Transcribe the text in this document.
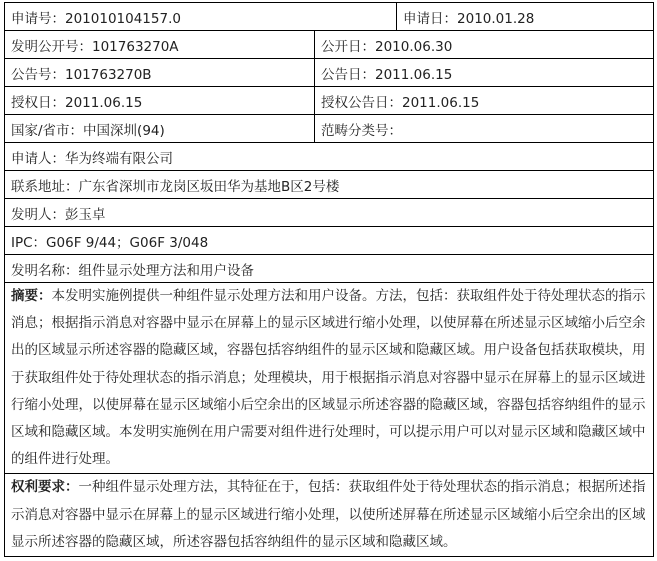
申请号：201010104157.0		申请日：2010.01.28
发明公开号：101763270A	公开日：2010.06.30	
公告号：101763270B	公告日：2011.06.15	
授权日：2011.06.15	授权公告日：2011.06.15	
国家/省市：中国深圳(94)	范畴分类号：	
申请人：华为终端有限公司		
联系地址：广东省深圳市龙岗区坂田华为基地B区2号楼		
发明人：彭玉卓		
IPC：G06F 9/44；G06F 3/048		
发明名称：组件显示处理方法和用户设备		
摘要：本发明实施例提供一种组件显示处理方法和用户设备。方法，包括：获取组件处于待处理状态的指示消息；根据指示消息对容器中显示在屏幕上的显示区域进行缩小处理，以使屏幕在所述显示区域缩小后空余出的区域显示所述容器的隐藏区域，容器包括容纳组件的显示区域和隐藏区域。用户设备包括获取模块，用于获取组件处于待处理状态的指示消息；处理模块，用于根据指示消息对容器中显示在屏幕上的显示区域进行缩小处理，以使屏幕在显示区域缩小后空余出的区域显示所述容器的隐藏区域，容器包括容纳组件的显示区域和隐藏区域。本发明实施例在用户需要对组件进行处理时，可以提示用户可以对显示区域和隐藏区域中的组件进行处理。		
权利要求：一种组件显示处理方法，其特征在于，包括：获取组件处于待处理状态的指示消息；根据所述指示消息对容器中显示在屏幕上的显示区域进行缩小处理，以使所述屏幕在所述显示区域缩小后空余出的区域显示所述容器的隐藏区域，所述容器包括容纳组件的显示区域和隐藏区域。		
